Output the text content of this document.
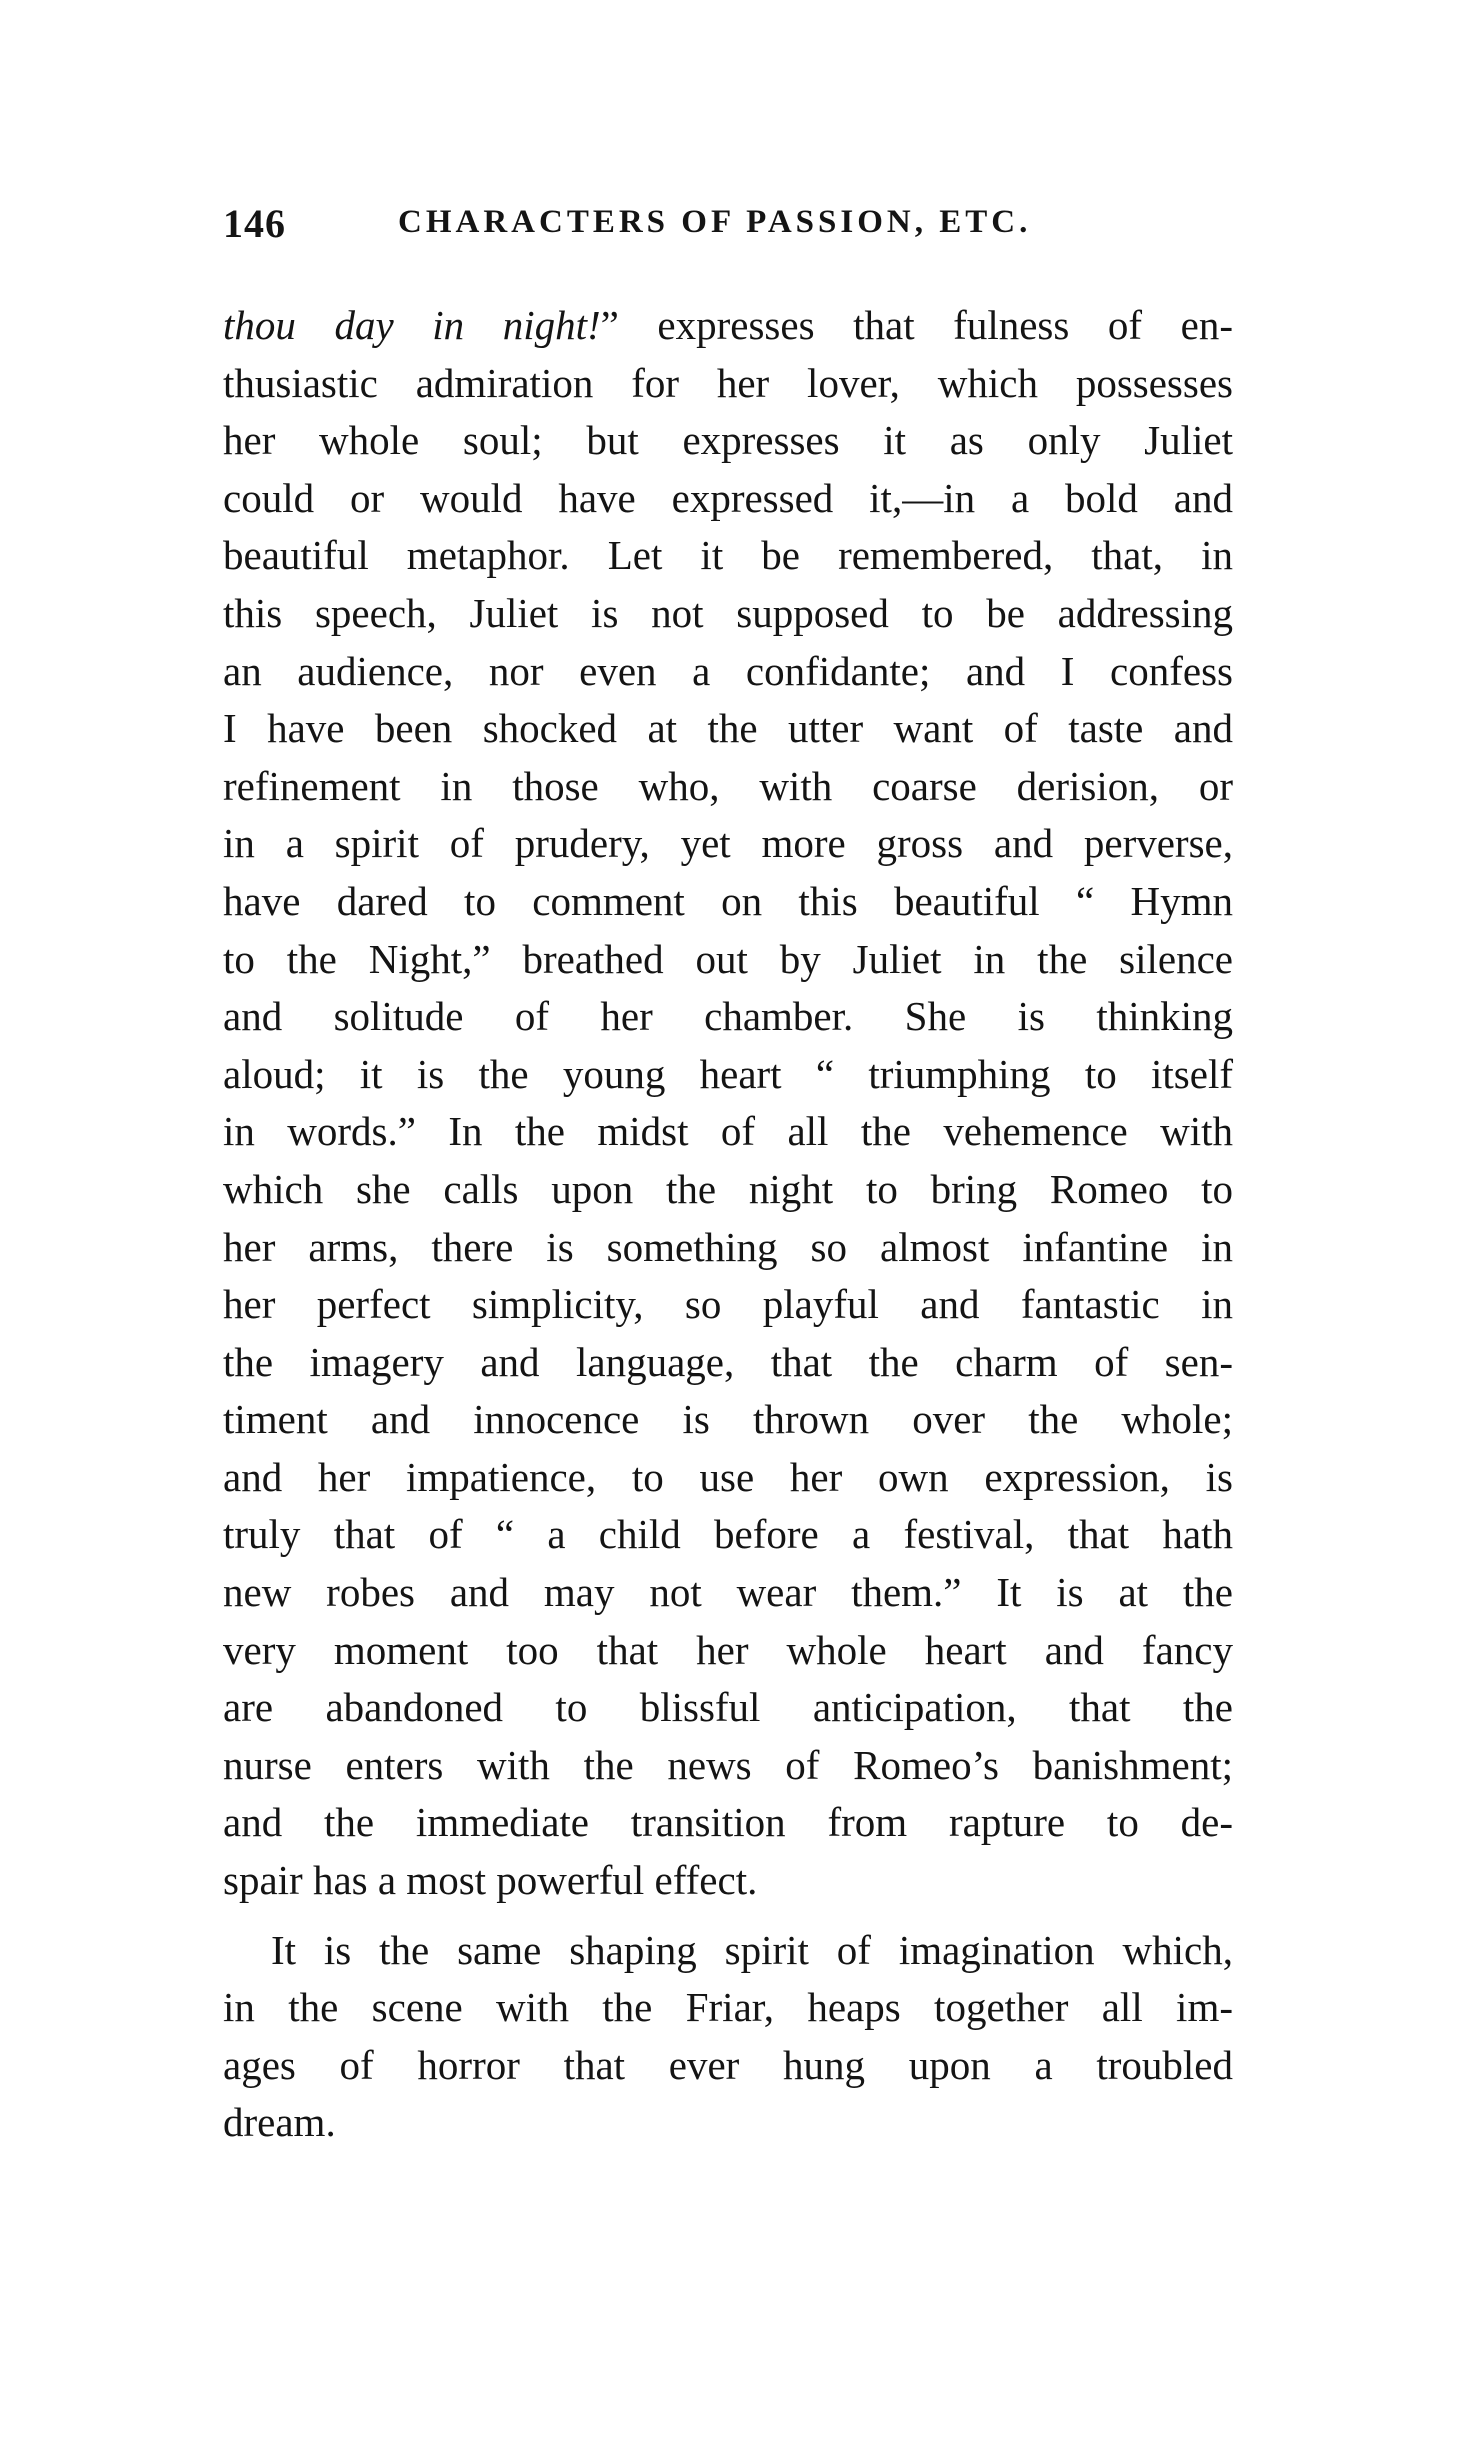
146	CHARACTERS OF PASSION, ETC.
thou day in night!” expresses that fulness of en-
thusiastic admiration for her lover, which possesses
her whole soul; but expresses it as only Juliet
could or would have expressed it,—in a bold and
beautiful metaphor. Let it be remembered, that, in
this speech, Juliet is not supposed to be addressing
an audience, nor even a confidante; and I confess
I have been shocked at the utter want of taste and
refinement in those who, with coarse derision, or
in a spirit of prudery, yet more gross and perverse,
have dared to comment on this beautiful “ Hymn
to the Night,” breathed out by Juliet in the silence
and solitude of her chamber. She is thinking
aloud; it is the young heart “ triumphing to itself
in words.” In the midst of all the vehemence with
which she calls upon the night to bring Romeo to
her arms, there is something so almost infantine in
her perfect simplicity, so playful and fantastic in
the imagery and language, that the charm of sen-
timent and innocence is thrown over the whole;
and her impatience, to use her own expression, is
truly that of “ a child before a festival, that hath
new robes and may not wear them.” It is at the
very moment too that her whole heart and fancy
are abandoned to blissful anticipation, that the
nurse enters with the news of Romeo’s banishment;
and the immediate transition from rapture to de-
spair has a most powerful effect.
It is the same shaping spirit of imagination which,
in the scene with the Friar, heaps together all im-
ages of horror that ever hung upon a troubled
dream.
